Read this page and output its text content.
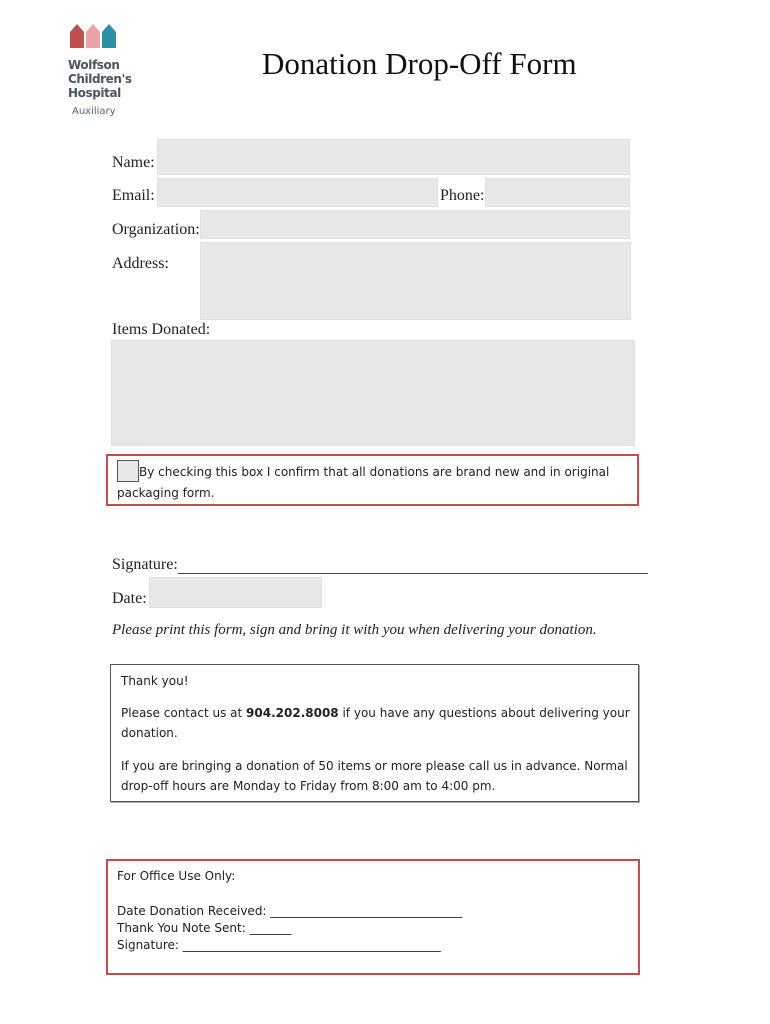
Wolfson
Children's
Hospital
Auxiliary
Donation Drop-Off Form
Name:
Email:	Phone:
Organization:
Address:
Items Donated:
By checking this box I confirm that all donations are brand new and in original packaging form.
Signature:
Date:
Please print this form, sign and bring it with you when delivering your donation.

Thank you!

Please contact us at 904.202.8008 if you have any questions about delivering your donation.

If you are bringing a donation of 50 items or more please call us in advance. Normal drop-off hours are Monday to Friday from 8:00 am to 4:00 pm.

For Office Use Only:
Date Donation Received: ________________________________
Thank You Note Sent: _______
Signature: ___________________________________________
